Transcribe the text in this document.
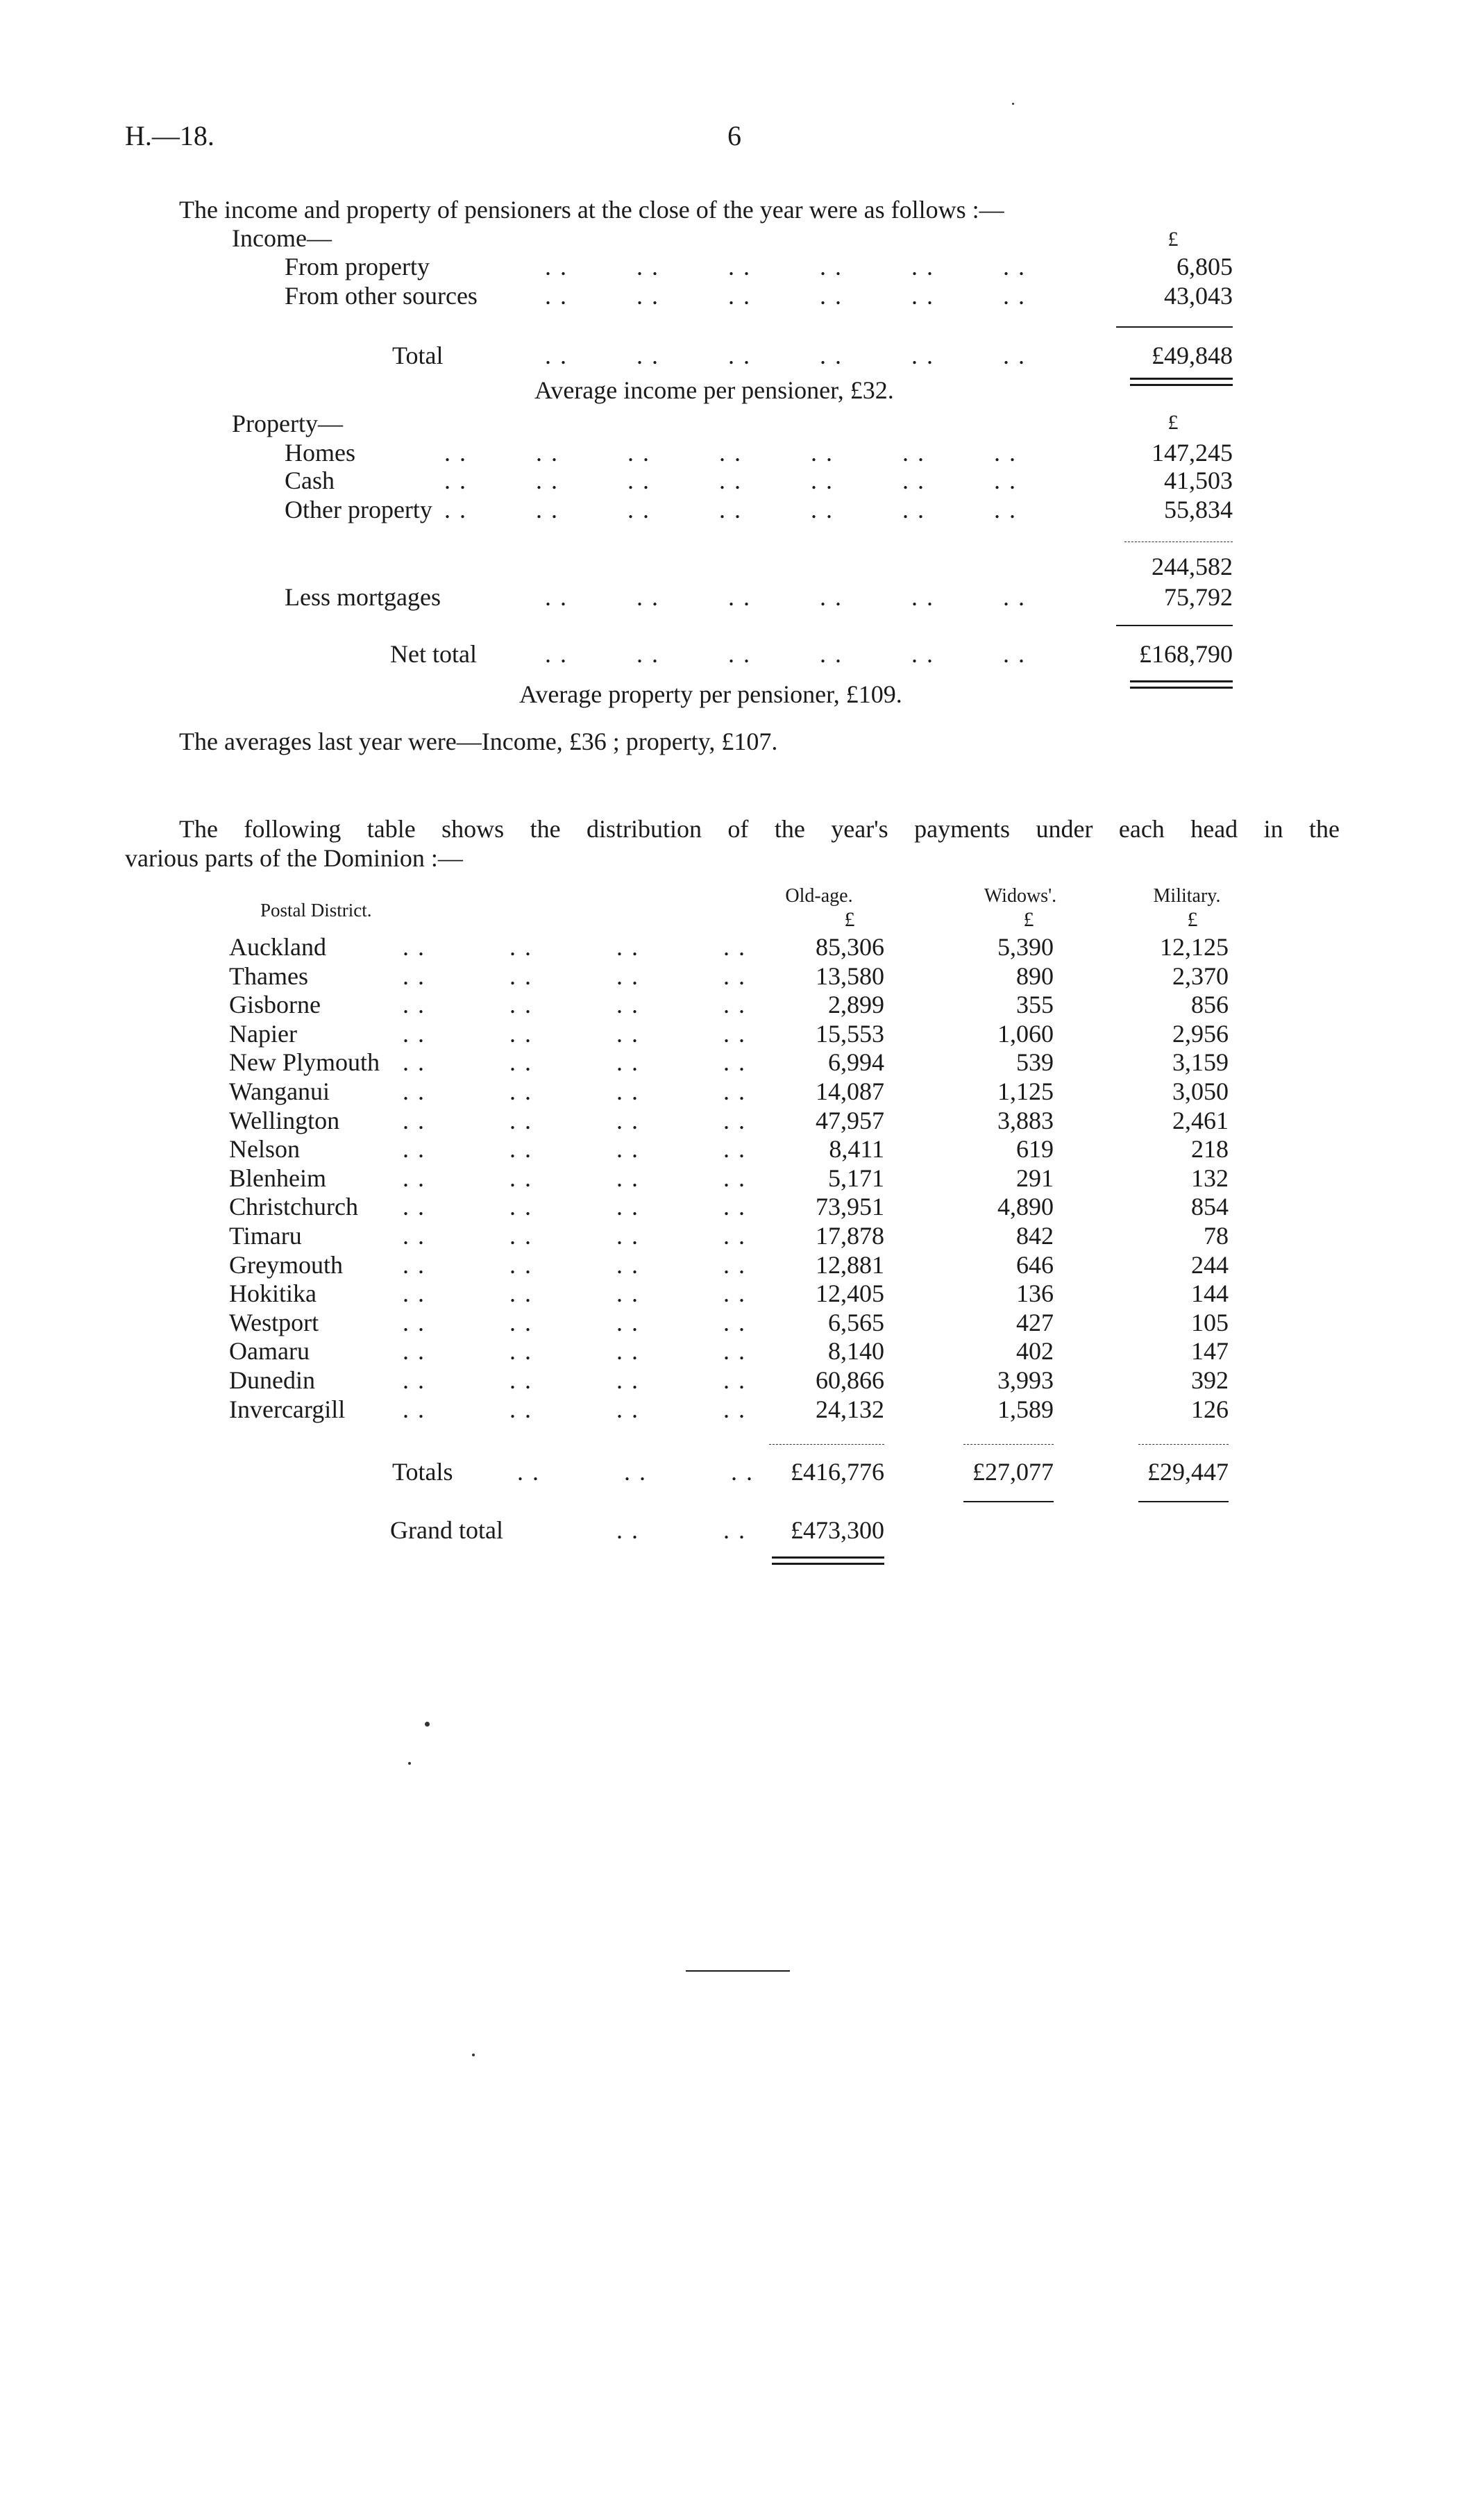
H.—18.	6
The income and property of pensioners at the close of the year were as follows :—
Income—	£
From property	. .         . .         . .         . .         . .         . .	6,805
From other sources	. .         . .         . .         . .         . .         . .	43,043
Total	. .         . .         . .         . .         . .         . .	£49,848
Average income per pensioner, £32.
Property—	£
Homes	. .         . .         . .         . .         . .         . .         . .	147,245
Cash	. .         . .         . .         . .         . .         . .         . .	41,503
Other property . .         . .         . .         . .         . .         . .         . .	55,834
244,582
Less mortgages	. .         . .         . .         . .         . .         . .	75,792
Net total	. .         . .         . .         . .         . .         . .	£168,790
Average property per pensioner, £109.
The averages last year were—Income, £36 ; property, £107.
The following table shows the distribution of the year's payments under each head in the
various parts of the Dominion :—
Postal District.
Old-age.	Widows'.	Military.
£	£	£
Auckland	. .           . .           . .           . .	85,306	5,390	12,125
Thames	. .           . .           . .           . .	13,580	890	2,370
Gisborne	. .           . .           . .           . .	2,899	355	856
Napier	. .           . .           . .           . .	15,553	1,060	2,956
New Plymouth . .           . .           . .           . .	6,994	539	3,159
Wanganui	. .           . .           . .           . .	14,087	1,125	3,050
Wellington	. .           . .           . .           . .	47,957	3,883	2,461
Nelson	. .           . .           . .           . .	8,411	619	218
Blenheim	. .           . .           . .           . .	5,171	291	132
Christchurch . .           . .           . .           . .	73,951	4,890	854
Timaru	. .           . .           . .           . .	17,878	842	78
Greymouth . .           . .           . .           . .	12,881	646	244
Hokitika	. .           . .           . .           . .	12,405	136	144
Westport	. .           . .           . .           . .	6,565	427	105
Oamaru	. .           . .           . .           . .	8,140	402	147
Dunedin	. .           . .           . .           . .	60,866	3,993	392
Invercargill . .           . .           . .           . .	24,132	1,589	126
Totals	. .           . .           . .	£416,776	£27,077	£29,447
Grand total	. .           . .	£473,300
